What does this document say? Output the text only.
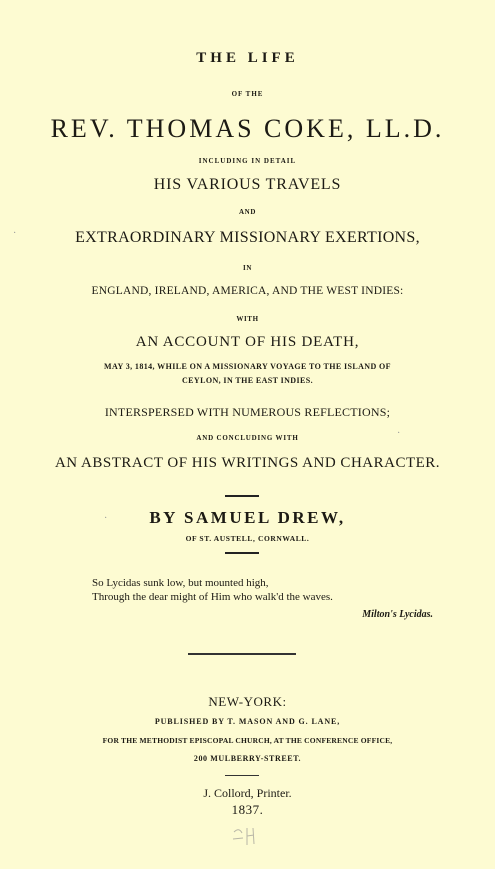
THE LIFE
OF THE
REV. THOMAS COKE, LL.D.
INCLUDING IN DETAIL
HIS VARIOUS TRAVELS
AND
EXTRAORDINARY MISSIONARY EXERTIONS,
IN
ENGLAND, IRELAND, AMERICA, AND THE WEST INDIES:
WITH
AN ACCOUNT OF HIS DEATH,
MAY 3, 1814, WHILE ON A MISSIONARY VOYAGE TO THE ISLAND OF
CEYLON, IN THE EAST INDIES.
INTERSPERSED WITH NUMEROUS REFLECTIONS;
AND CONCLUDING WITH
AN ABSTRACT OF HIS WRITINGS AND CHARACTER.
BY SAMUEL DREW,
OF ST. AUSTELL, CORNWALL.
So Lycidas sunk low, but mounted high,
Through the dear might of Him who walk'd the waves.
Milton's Lycidas.
NEW-YORK:
PUBLISHED BY T. MASON AND G. LANE,
FOR THE METHODIST EPISCOPAL CHURCH, AT THE CONFERENCE OFFICE,
200 MULBERRY-STREET.
J. Collord, Printer.
1837.
·
·
·
